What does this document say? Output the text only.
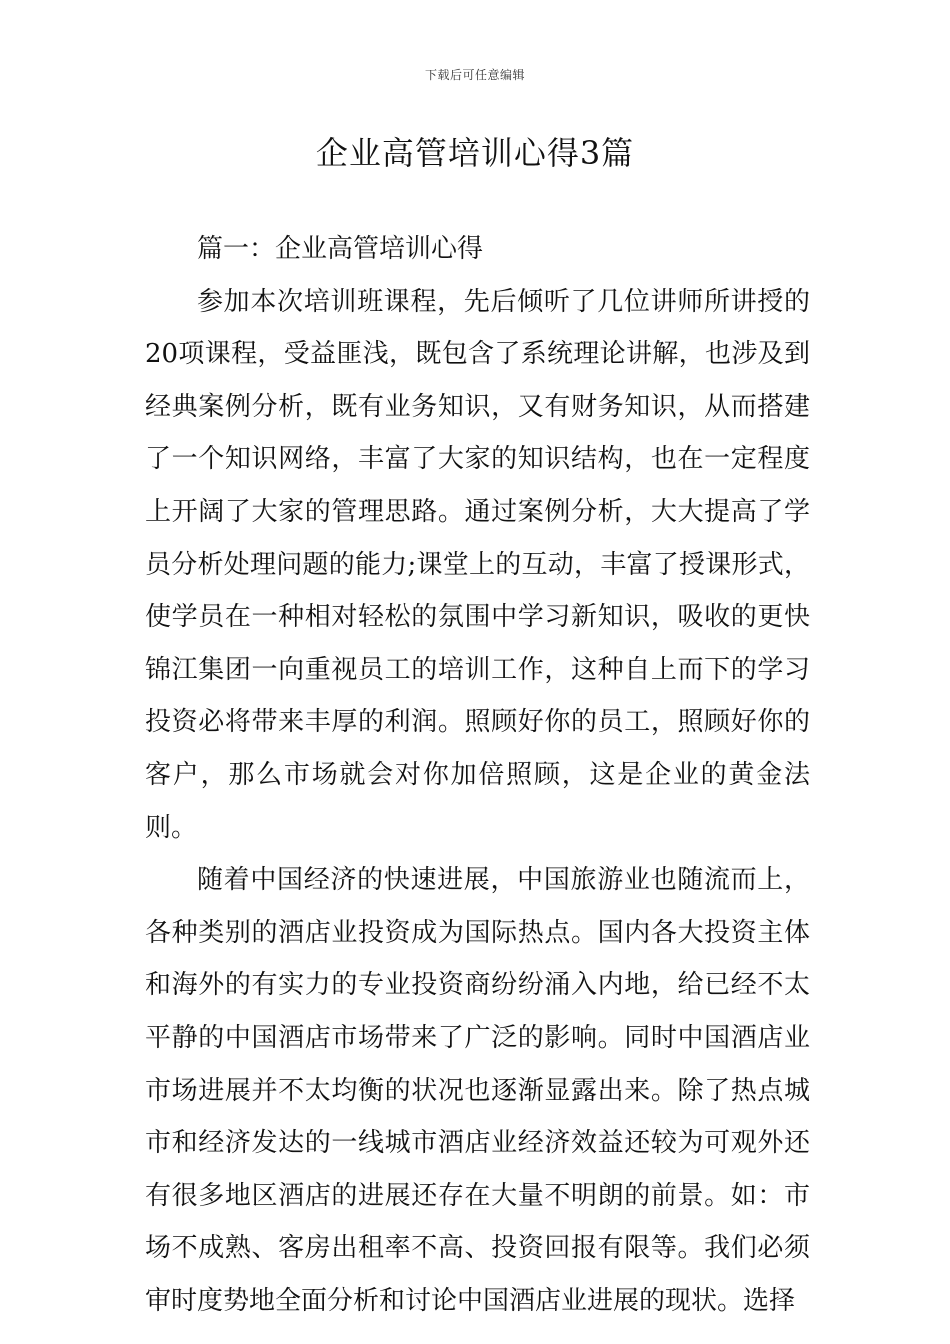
下载后可任意编辑
企业高管培训心得3篇

篇一：企业高管培训心得

参加本次培训班课程，先后倾听了几位讲师所讲授的20项课程，受益匪浅，既包含了系统理论讲解，也涉及到经典案例分析，既有业务知识，又有财务知识，从而搭建了一个知识网络，丰富了大家的知识结构，也在一定程度上开阔了大家的管理思路。通过案例分析，大大提高了学员分析处理问题的能力;课堂上的互动，丰富了授课形式，使学员在一种相对轻松的氛围中学习新知识，吸收的更快锦江集团一向重视员工的培训工作，这种自上而下的学习投资必将带来丰厚的利润。照顾好你的员工，照顾好你的客户，那么市场就会对你加倍照顾，这是企业的黄金法则。

随着中国经济的快速进展，中国旅游业也随流而上，各种类别的酒店业投资成为国际热点。国内各大投资主体和海外的有实力的专业投资商纷纷涌入内地，给已经不太平静的中国酒店市场带来了广泛的影响。同时中国酒店业市场进展并不太均衡的状况也逐渐显露出来。除了热点城市和经济发达的一线城市酒店业经济效益还较为可观外还有很多地区酒店的进展还存在大量不明朗的前景。如：市场不成熟、客房出租率不高、投资回报有限等。我们必须审时度势地全面分析和讨论中国酒店业进展的现状。选择
